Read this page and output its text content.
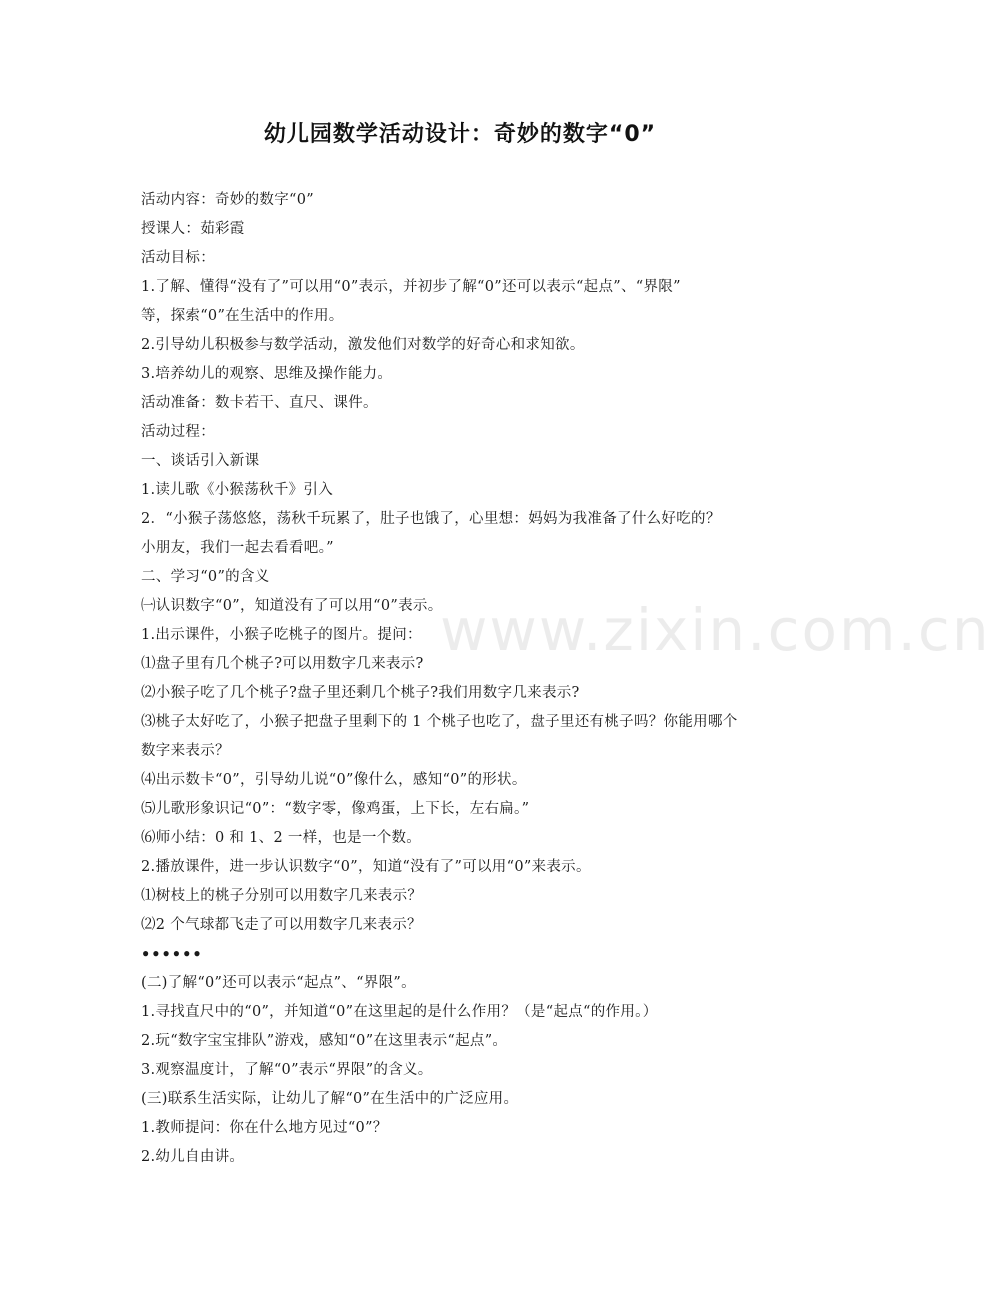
幼儿园数学活动设计：奇妙的数字“0”
活动内容：奇妙的数字“0”
授课人：茹彩霞
活动目标：
1.了解、懂得“没有了”可以用“0”表示，并初步了解“0”还可以表示“起点”、“界限”
等，探索“0”在生活中的作用。
2.引导幼儿积极参与数学活动，激发他们对数学的好奇心和求知欲。
3.培养幼儿的观察、思维及操作能力。
活动准备：数卡若干、直尺、课件。
活动过程：
一、谈话引入新课
1.读儿歌《小猴荡秋千》引入
2．“小猴子荡悠悠，荡秋千玩累了，肚子也饿了，心里想：妈妈为我准备了什么好吃的？
小朋友，我们一起去看看吧。”
二、学习“0”的含义
㈠认识数字“0”，知道没有了可以用“0”表示。
1.出示课件，小猴子吃桃子的图片。提问：
⑴盘子里有几个桃子?可以用数字几来表示?
⑵小猴子吃了几个桃子?盘子里还剩几个桃子?我们用数字几来表示?
⑶桃子太好吃了，小猴子把盘子里剩下的 1 个桃子也吃了，盘子里还有桃子吗？你能用哪个
数字来表示？
⑷出示数卡“0”，引导幼儿说“0”像什么，感知“0”的形状。
⑸儿歌形象识记“0”：“数字零，像鸡蛋，上下长，左右扁。”
⑹师小结：0 和 1、2 一样，也是一个数。
2.播放课件，进一步认识数字“0”，知道“没有了”可以用“0”来表示。
⑴树枝上的桃子分别可以用数字几来表示？
⑵2 个气球都飞走了可以用数字几来表示？
••••••
(二)了解“0”还可以表示“起点”、“界限”。
1.寻找直尺中的“0”，并知道“0”在这里起的是什么作用？（是“起点“的作用。）
2.玩“数字宝宝排队”游戏，感知“0”在这里表示“起点”。
3.观察温度计，了解“0”表示“界限”的含义。
(三)联系生活实际，让幼儿了解“0”在生活中的广泛应用。
1.教师提问：你在什么地方见过“0”？
2.幼儿自由讲。
www.zixin.com.cn
